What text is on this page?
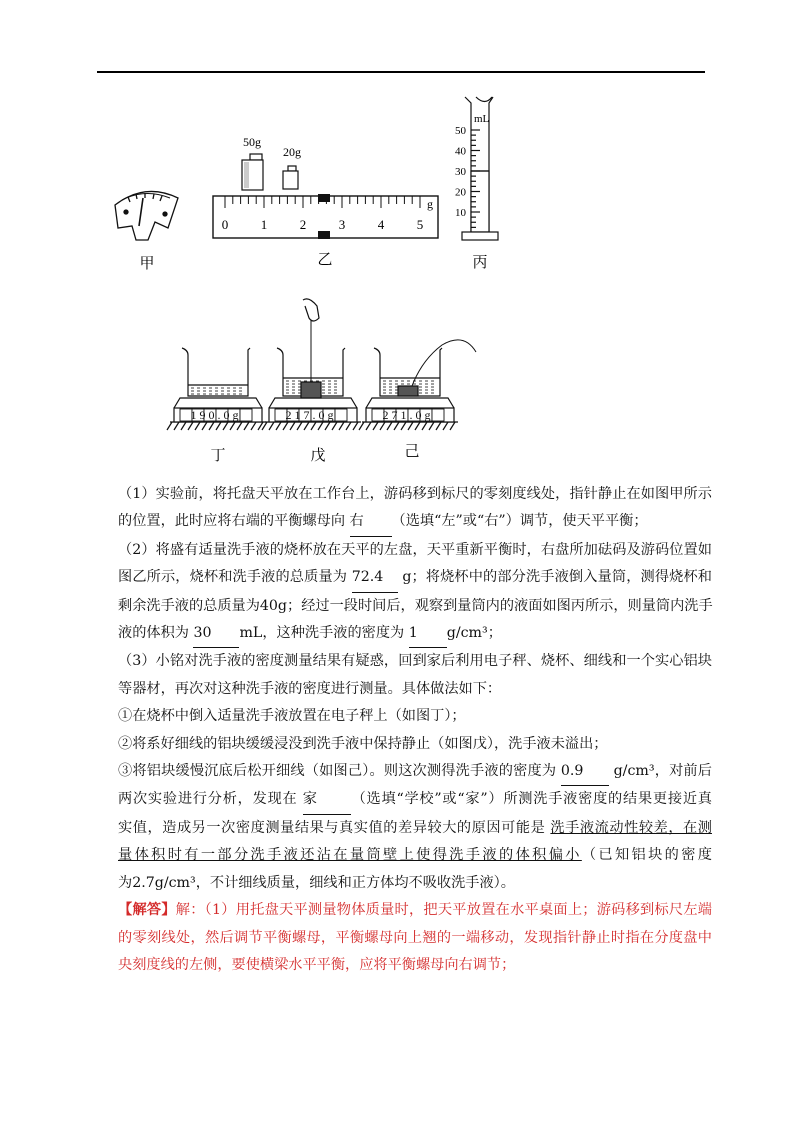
甲
50g
20g
0	1	2	3	4	5
g
乙
mL
50
40
30
20
10
丙
190.0g	217.0g	271.0g
丁	戊	己

（1）实验前，将托盘天平放在工作台上，游码移到标尺的零刻度线处，指针静止在如图甲所示

的位置，此时应将右端的平衡螺母向 右 （选填“左”或“右”）调节，使天平平衡；

（2）将盛有适量洗手液的烧杯放在天平的左盘，天平重新平衡时，右盘所加砝码及游码位置如

图乙所示，烧杯和洗手液的总质量为 72.4 g；将烧杯中的部分洗手液倒入量筒，测得烧杯和

剩余洗手液的总质量为40g；经过一段时间后，观察到量筒内的液面如图丙所示，则量筒内洗手

液的体积为 30 mL，这种洗手液的密度为 1 g/cm³；

（3）小铭对洗手液的密度测量结果有疑惑，回到家后利用电子秤、烧杯、细线和一个实心铝块

等器材，再次对这种洗手液的密度进行测量。具体做法如下：

①在烧杯中倒入适量洗手液放置在电子秤上（如图丁）；

②将系好细线的铝块缓缓浸没到洗手液中保持静止（如图戊），洗手液未溢出；

③将铝块缓慢沉底后松开细线（如图己）。则这次测得洗手液的密度为 0.9 g/cm³，对前后

两次实验进行分析，发现在 家 （选填“学校”或“家”）所测洗手液密度的结果更接近真

实值，造成另一次密度测量结果与真实值的差异较大的原因可能是 洗手液流动性较差，在测

量体积时有一部分洗手液还沾在量筒壁上使得洗手液的体积偏小（已知铝块的密度

为2.7g/cm³，不计细线质量，细线和正方体均不吸收洗手液）。

【解答】解：（1）用托盘天平测量物体质量时，把天平放置在水平桌面上；游码移到标尺左端

的零刻线处，然后调节平衡螺母，平衡螺母向上翘的一端移动，发现指针静止时指在分度盘中

央刻度线的左侧，要使横梁水平平衡，应将平衡螺母向右调节；
